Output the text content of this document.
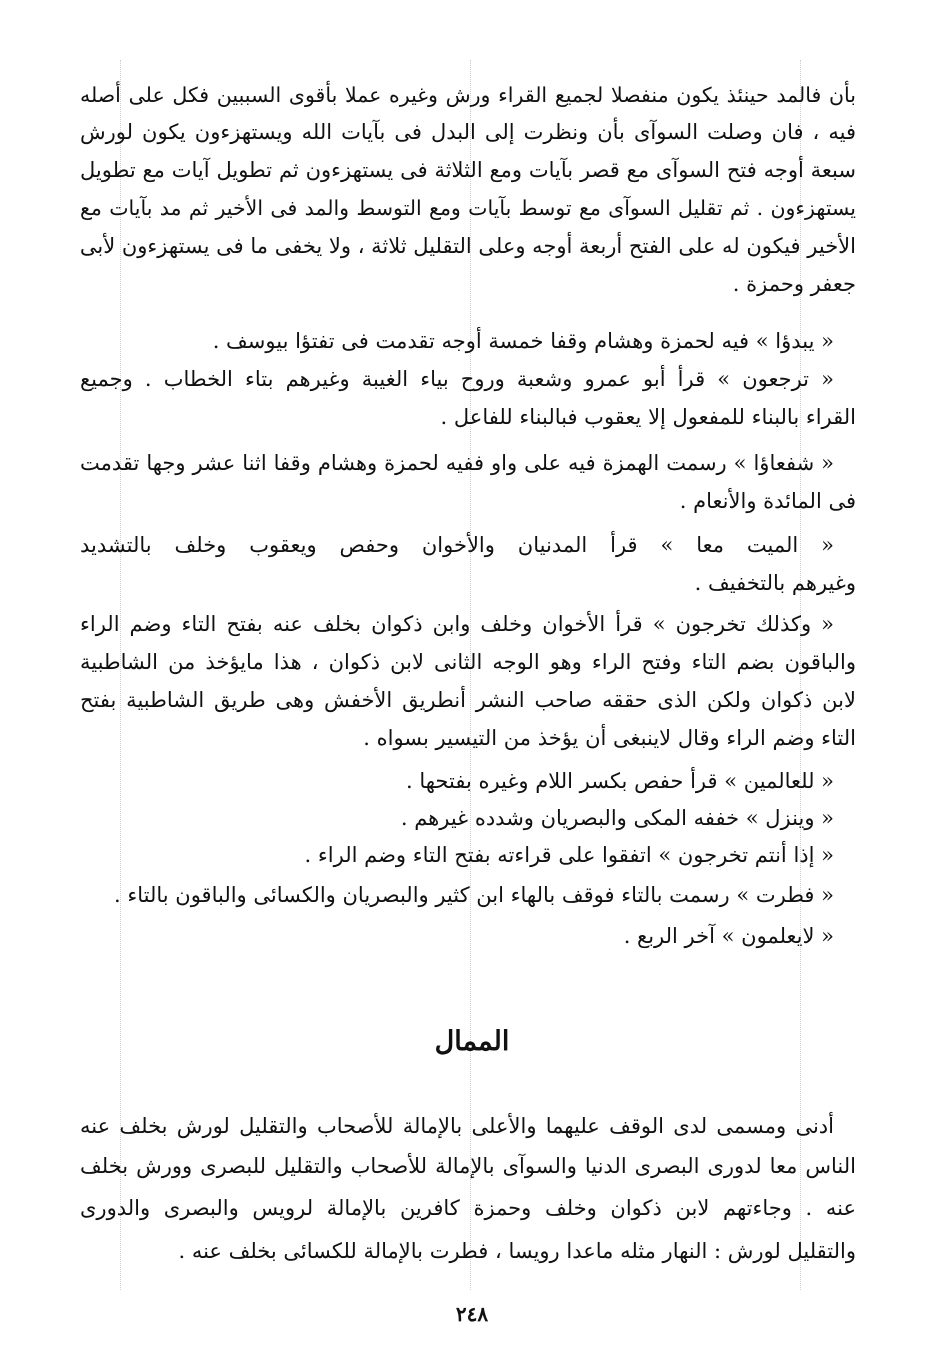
بأن فالمد حينئذ يكون منفصلا لجميع القراء ورش وغيره عملا بأقوى السببين فكل على أصله
فيه ، فان وصلت السوآى بأن ونظرت إلى البدل فى بآيات الله ويستهزءون يكون لورش
سبعة أوجه فتح السوآى مع قصر بآيات ومع الثلاثة فى يستهزءون ثم تطويل آيات مع تطويل
يستهزءون . ثم تقليل السوآى مع توسط بآيات ومع التوسط والمد فى الأخير ثم مد بآيات مع
الأخير فيكون له على الفتح أربعة أوجه وعلى التقليل ثلاثة ، ولا يخفى ما فى يستهزءون لأبى
جعفر وحمزة .
« يبدؤا » فيه لحمزة وهشام وقفا خمسة أوجه تقدمت فى تفتؤا بيوسف .
« ترجعون » قرأ أبو عمرو وشعبة وروح بياء الغيبة وغيرهم بتاء الخطاب . وجميع
القراء بالبناء للمفعول إلا يعقوب فبالبناء للفاعل .
« شفعاؤا » رسمت الهمزة فيه على واو ففيه لحمزة وهشام وقفا اثنا عشر وجها تقدمت
فى المائدة والأنعام .
« الميت معا » قرأ المدنيان والأخوان وحفص ويعقوب وخلف بالتشديد
وغيرهم بالتخفيف .
« وكذلك تخرجون » قرأ الأخوان وخلف وابن ذكوان بخلف عنه بفتح التاء وضم الراء
والباقون بضم التاء وفتح الراء وهو الوجه الثانى لابن ذكوان ، هذا مايؤخذ من الشاطبية
لابن ذكوان ولكن الذى حققه صاحب النشر أنطريق الأخفش وهى طريق الشاطبية بفتح
التاء وضم الراء وقال لاينبغى أن يؤخذ من التيسير بسواه .
« للعالمين » قرأ حفص بكسر اللام وغيره بفتحها .
« وينزل » خففه المكى والبصريان وشدده غيرهم .
« إذا أنتم تخرجون » اتفقوا على قراءته بفتح التاء وضم الراء .
« فطرت » رسمت بالتاء فوقف بالهاء ابن كثير والبصريان والكسائى والباقون بالتاء .
« لايعلمون » آخر الربع .
الممال
أدنى ومسمى لدى الوقف عليهما والأعلى بالإمالة للأصحاب والتقليل لورش بخلف عنه
الناس معا لدورى البصرى الدنيا والسوآى بالإمالة للأصحاب والتقليل للبصرى وورش بخلف
عنه . وجاءتهم لابن ذكوان وخلف وحمزة كافرين بالإمالة لرويس والبصرى والدورى
والتقليل لورش : النهار مثله ماعدا رويسا ، فطرت بالإمالة للكسائى بخلف عنه .
٢٤٨
